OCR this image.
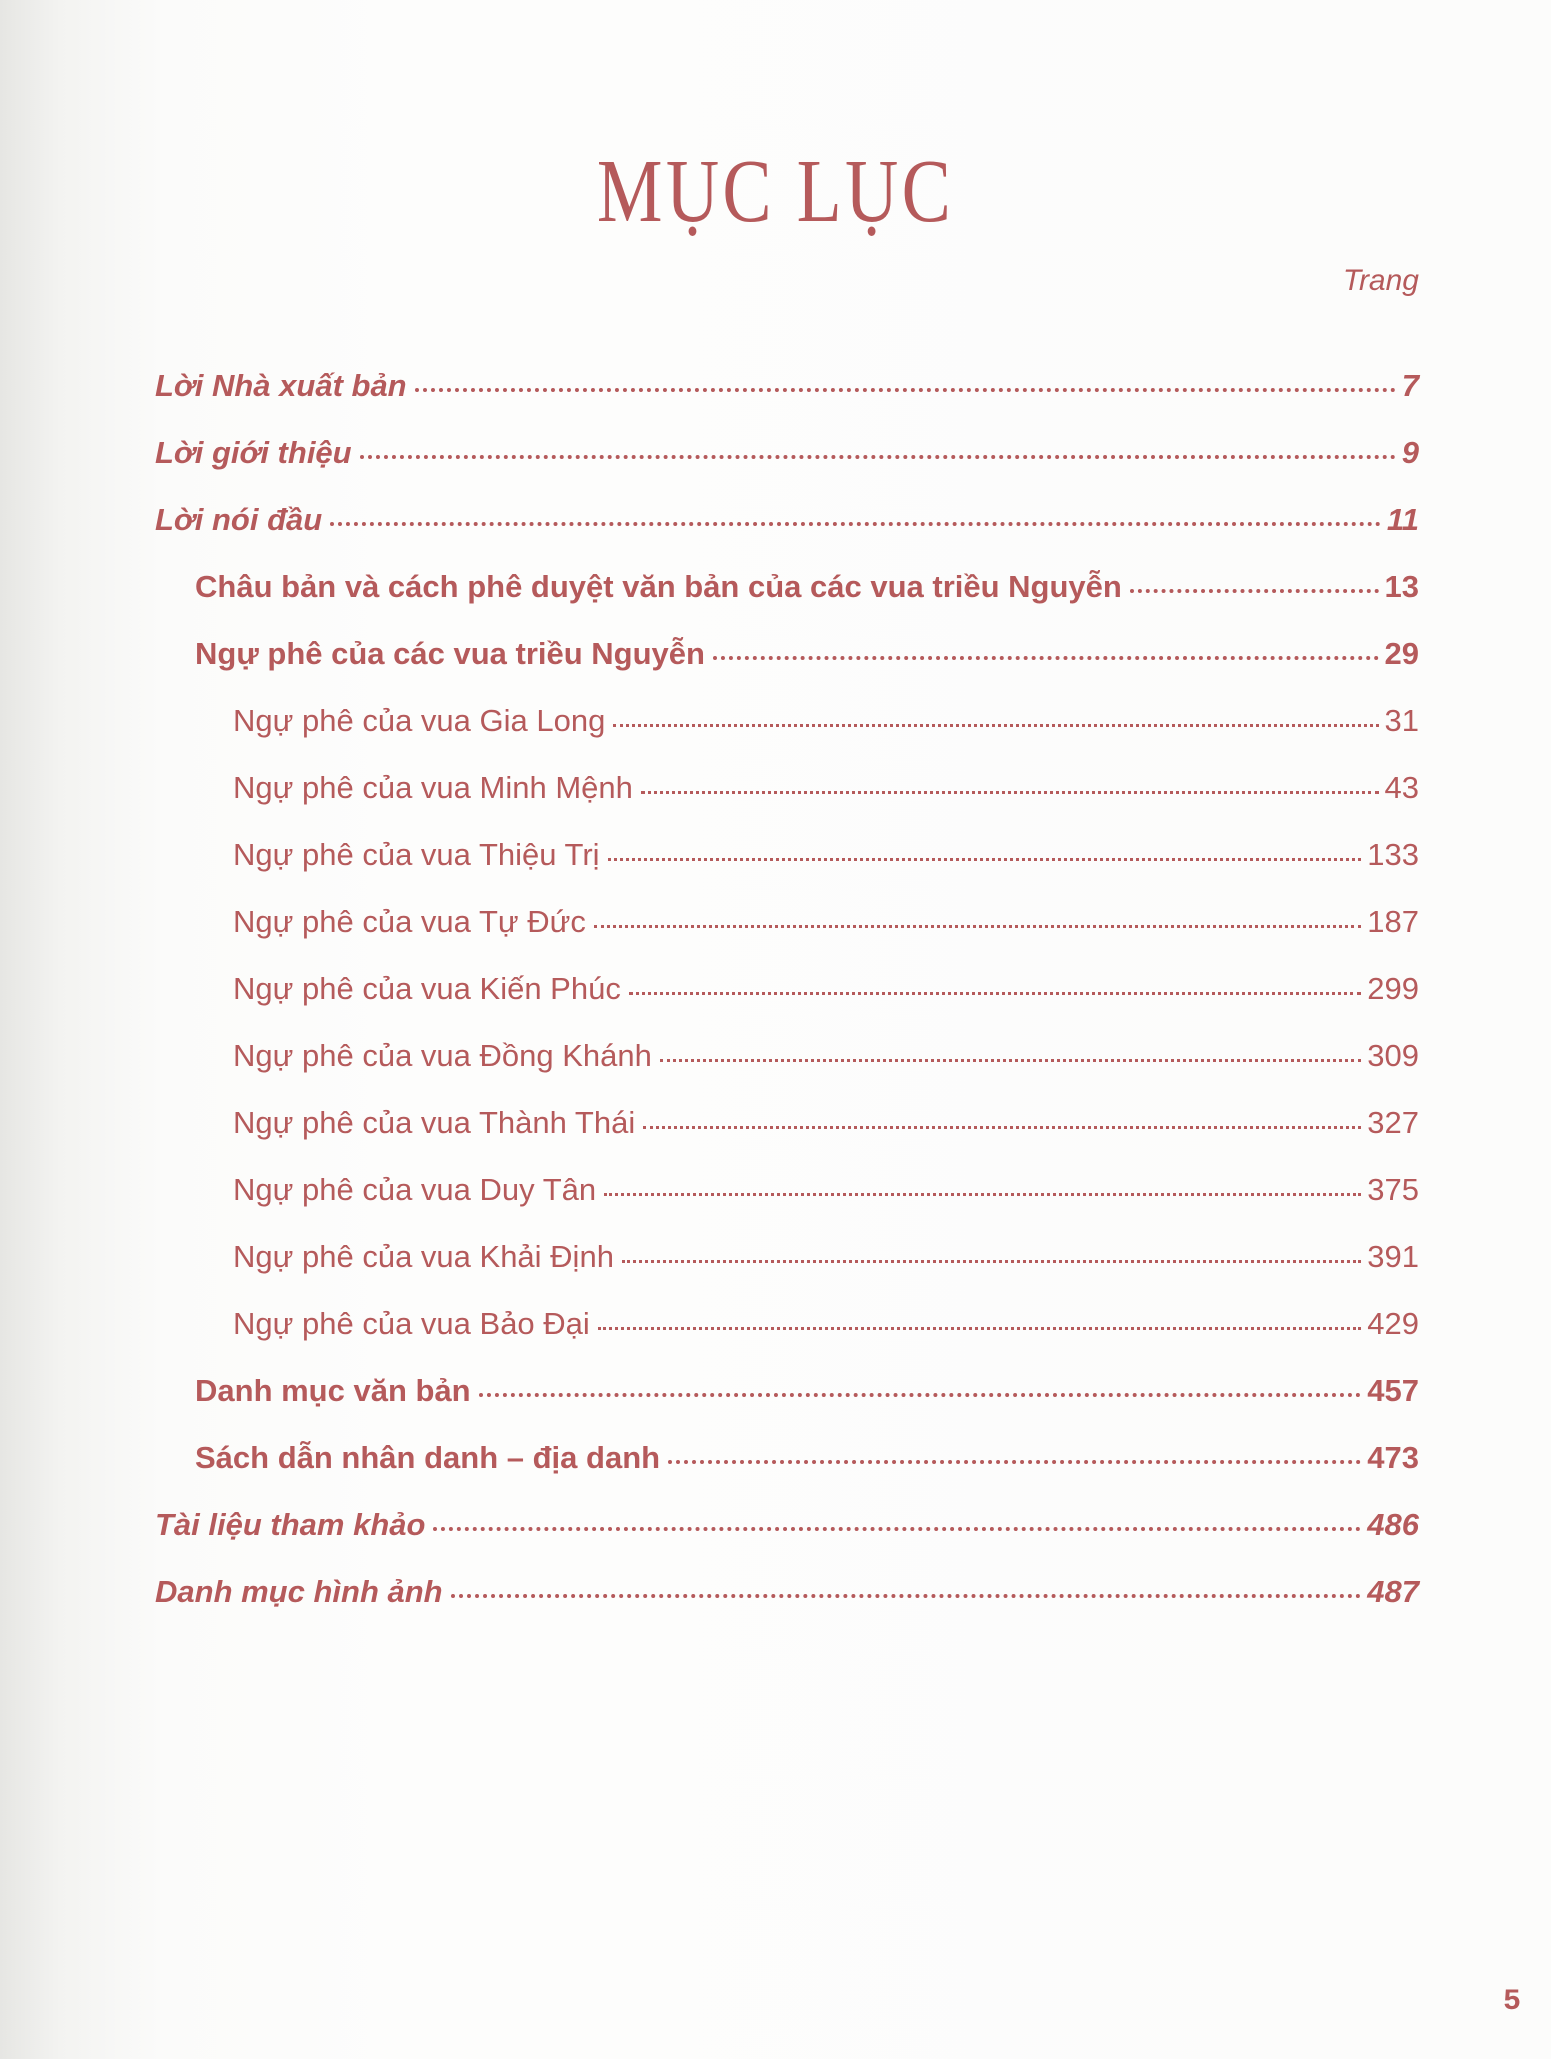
MỤC LỤC
Trang
Lời Nhà xuất bản	7
Lời giới thiệu	9
Lời nói đầu	11
Châu bản và cách phê duyệt văn bản của các vua triều Nguyễn	13
Ngự phê của các vua triều Nguyễn	29
Ngự phê của vua Gia Long	31
Ngự phê của vua Minh Mệnh	43
Ngự phê của vua Thiệu Trị	133
Ngự phê của vua Tự Đức	187
Ngự phê của vua Kiến Phúc	299
Ngự phê của vua Đồng Khánh	309
Ngự phê của vua Thành Thái	327
Ngự phê của vua Duy Tân	375
Ngự phê của vua Khải Định	391
Ngự phê của vua Bảo Đại	429
Danh mục văn bản	457
Sách dẫn nhân danh – địa danh	473
Tài liệu tham khảo	486
Danh mục hình ảnh	487
5
